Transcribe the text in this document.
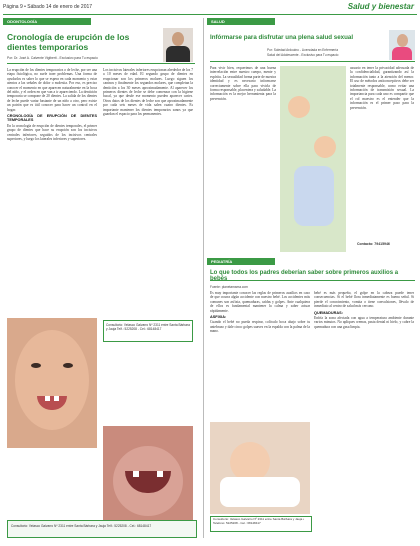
Página 9 • Sábado 14 de enero de 2017	Salud y bienestar
ODONTOLOGÍA
Cronología de erupción de los dientes temporarios
Por: Dr. José A. Calvente Vigiberti - Exclusivo para Tu espacio

La erupción de los dientes temporarios o de leche, por ser una etapa fisiológica, no suele traer problemas. Una forma de ayudarlos es saber lo que se espera en cada momento y estar atentos a las señales de dolor o molestia. Por eso, es preciso conocer el momento en que aparecen naturalmente en la boca del niño, y el orden en que van a ir apareciendo. La dentición temporaria se compone de 20 dientes. La salida de los dientes de leche puede variar bastante de un niño a otro, pero existe un patrón que es útil conocer para hacer un control en el hogar.

CRONOLOGÍA DE ERUPCIÓN DE DIENTES TEMPORALES

En la cronología de erupción de dientes temporales, el primer grupo de dientes que hace su erupción son los incisivos centrales inferiores, seguidos de los incisivos centrales superiores, y luego los laterales inferiores y superiores.

Los incisivos laterales inferiores erupcionan alrededor de los 7 a 10 meses de edad. El segundo grupo de dientes en erupcionar son los primeros molares. Luego siguen los caninos y finalmente los segundos molares, que completan la dentición a los 30 meses aproximadamente. Al aparecer los primeros dientes de leche se debe comenzar con la higiene bucal, ya que desde ese momento pueden aparecer caries. Otros datos de los dientes de leche son que aproximadamente por cada seis meses de vida salen cuatro dientes. Es importante mantener los dientes temporarios sanos ya que guardan el espacio para los permanentes.

Consultorio: Velasco Galvarro Nº 2311 entre Santa Bárbara y Jauja Telf.: 5225208 - Cel.: 68148417
Consultorio: Velasco Galvarro Nº 2311 entre Santa Bárbara y Jauja Telf.: 5225208 - Cel.: 68148417
SALUD
Infórmarse para disfrutar una plena salud sexual
Por: Soledad Ardouino - Licenciada en Enfermería
Salud del Adolescente - Exclusivo para Tu espacio

Para vivir bien, requerimos de una buena interrelación entre nuestro cuerpo, mente y espíritu. La sexualidad forma parte de nuestra identidad y es necesario informarse correctamente sobre ella para vivirla de forma responsable, placentera y saludable. La información es la mejor herramienta para la prevención.

usuario en tener la privacidad adecuada de la confidencialidad, garantizando así la información tanto a la atención del menor. El uso de métodos anticonceptivos debe ser totalmente responsable, como evitar una información de transmisión sexual. La importancia para cada uno es compartir que el rol maestro es el entender que la información es el primer paso para la prevención.

Contacto: 79415946
PEDIATRÍA
Lo que todos los padres deberían saber sobre primeros auxilios a bebés
Fuente: planetamama.com

Es muy importante conocer las reglas de primeros auxilios en caso de que ocurra algún accidente con nuestro bebé. Los accidentes más comunes son asfixia, quemaduras, caídas y golpes. Ante cualquiera de ellos es fundamental mantener la calma y saber actuar rápidamente.

ASFIXIA:

Cuando el bebé no pueda respirar, colócalo boca abajo sobre tu antebrazo y dale cinco golpes suaves en la espalda con la palma de la mano.

bebé es más pequeño, el golpe en la cabeza puede tener consecuencias. Si el bebé llora inmediatamente es buena señal. Si pierde el conocimiento, vomita o tiene convulsiones, llévalo de inmediato al centro de salud más cercano.

QUEMADURAS:

Enfría la zona afectada con agua a temperatura ambiente durante varios minutos. No apliques cremas, pasta dental ni hielo, y cubre la quemadura con una gasa limpia.

Consultorio: Velasco Galvarro Nº 2311 entre Santa Bárbara y Jauja • Telefono: 5225208 - Cel.: 68148417
